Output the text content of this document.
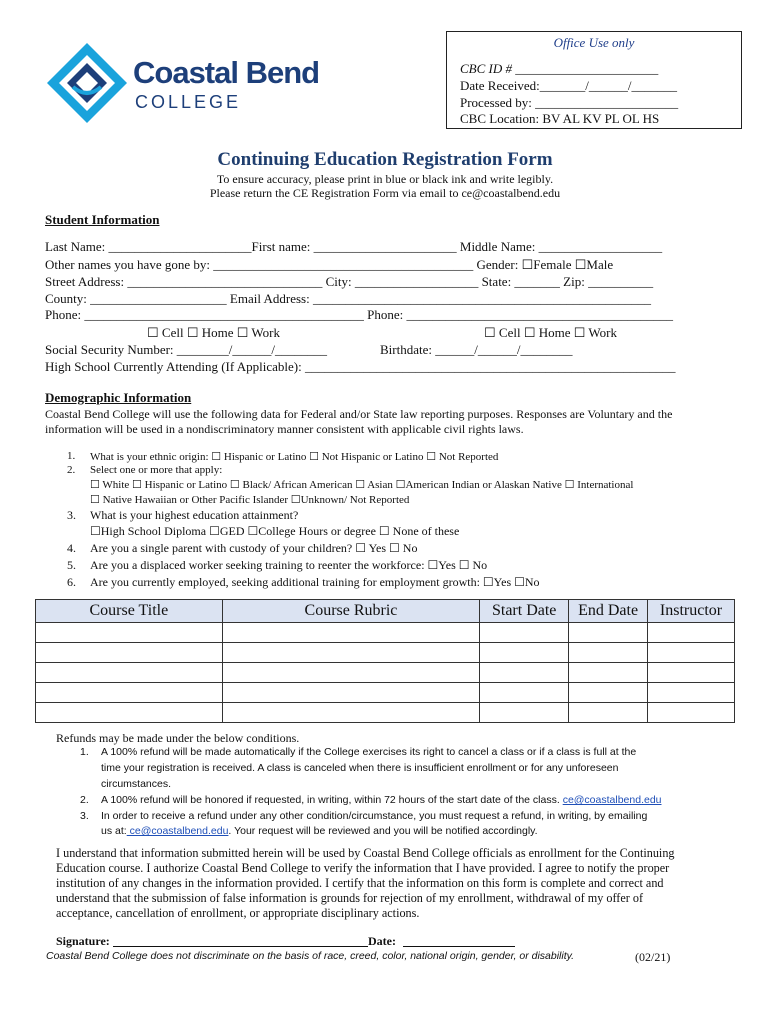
Office Use only
CBC ID # ______________________
Date Received:_______/______/_______
Processed by: ______________________
CBC Location: BV AL KV PL OL HS
Coastal Bend
COLLEGE
Continuing Education Registration Form
To ensure accuracy, please print in blue or black ink and write legibly.
Please return the CE Registration Form via email to ce@coastalbend.edu
Student Information
Last Name: ______________________First name: ______________________ Middle Name: ___________________
Other names you have gone by: ________________________________________ Gender: ☐Female ☐Male
Street Address: ______________________________ City: ___________________ State: _______ Zip: __________
County: _____________________ Email Address: ____________________________________________________
Phone: ___________________________________________ Phone: _________________________________________
☐ Cell ☐ Home ☐ Work	☐ Cell ☐ Home ☐ Work
Social Security Number: ________/______/________	Birthdate: ______/______/________
High School Currently Attending (If Applicable): _________________________________________________________
Demographic Information
Coastal Bend College will use the following data for Federal and/or State law reporting purposes. Responses are Voluntary and the
information will be used in a nondiscriminatory manner consistent with applicable civil rights laws.
1. What is your ethnic origin: ☐ Hispanic or Latino ☐ Not Hispanic or Latino ☐ Not Reported
2. Select one or more that apply:
☐ White ☐ Hispanic or Latino ☐ Black/ African American ☐ Asian ☐American Indian or Alaskan Native ☐ International
☐ Native Hawaiian or Other Pacific Islander ☐Unknown/ Not Reported
3. What is your highest education attainment?
☐High School Diploma ☐GED ☐College Hours or degree ☐ None of these
4. Are you a single parent with custody of your children? ☐ Yes ☐ No
5. Are you a displaced worker seeking training to reenter the workforce: ☐Yes ☐ No
6. Are you currently employed, seeking additional training for employment growth: ☐Yes ☐No
Course Title	Course Rubric	Start Date	End Date	Instructor

Refunds may be made under the below conditions.
1. A 100% refund will be made automatically if the College exercises its right to cancel a class or if a class is full at the
time your registration is received. A class is canceled when there is insufficient enrollment or for any unforeseen
circumstances.
2. A 100% refund will be honored if requested, in writing, within 72 hours of the start date of the class. ce@coastalbend.edu
3. In order to receive a refund under any other condition/circumstance, you must request a refund, in writing, by emailing
us at: ce@coastalbend.edu. Your request will be reviewed and you will be notified accordingly.
I understand that information submitted herein will be used by Coastal Bend College officials as enrollment for the Continuing
Education course. I authorize Coastal Bend College to verify the information that I have provided. I agree to notify the proper
institution of any changes in the information provided. I certify that the information on this form is complete and correct and
understand that the submission of false information is grounds for rejection of my enrollment, withdrawal of my offer of
acceptance, cancellation of enrollment, or appropriate disciplinary actions.
Signature:	Date:
Coastal Bend College does not discriminate on the basis of race, creed, color, national origin, gender, or disability.	(02/21)
